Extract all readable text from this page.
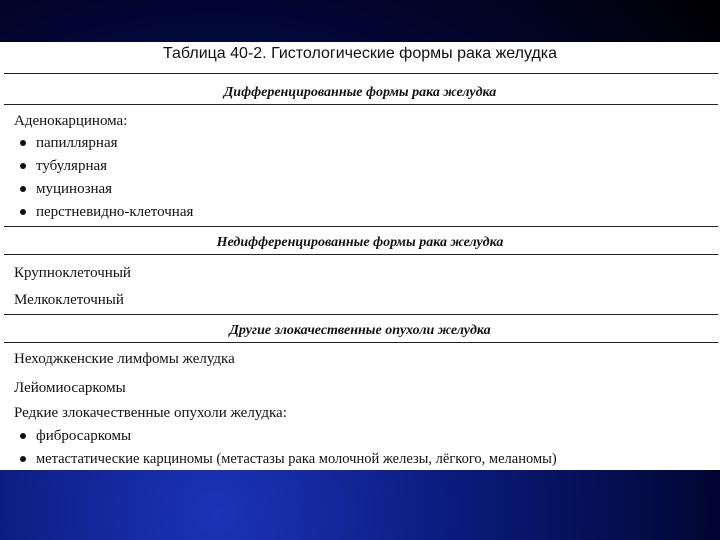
Таблица 40-2. Гистологические формы рака желудка
Дифференцированные формы рака желудка
Аденокарцинома:
папиллярная
тубулярная
муцинозная
перстневидно-клеточная
Недифференцированные формы рака желудка
Крупноклеточный
Мелкоклеточный
Другие злокачественные опухоли желудка
Неходжкенские лимфомы желудка
Лейомиосаркомы
Редкие злокачественные опухоли желудка:
фибросаркомы
метастатические карциномы (метастазы рака молочной железы, лёгкого, меланомы)
